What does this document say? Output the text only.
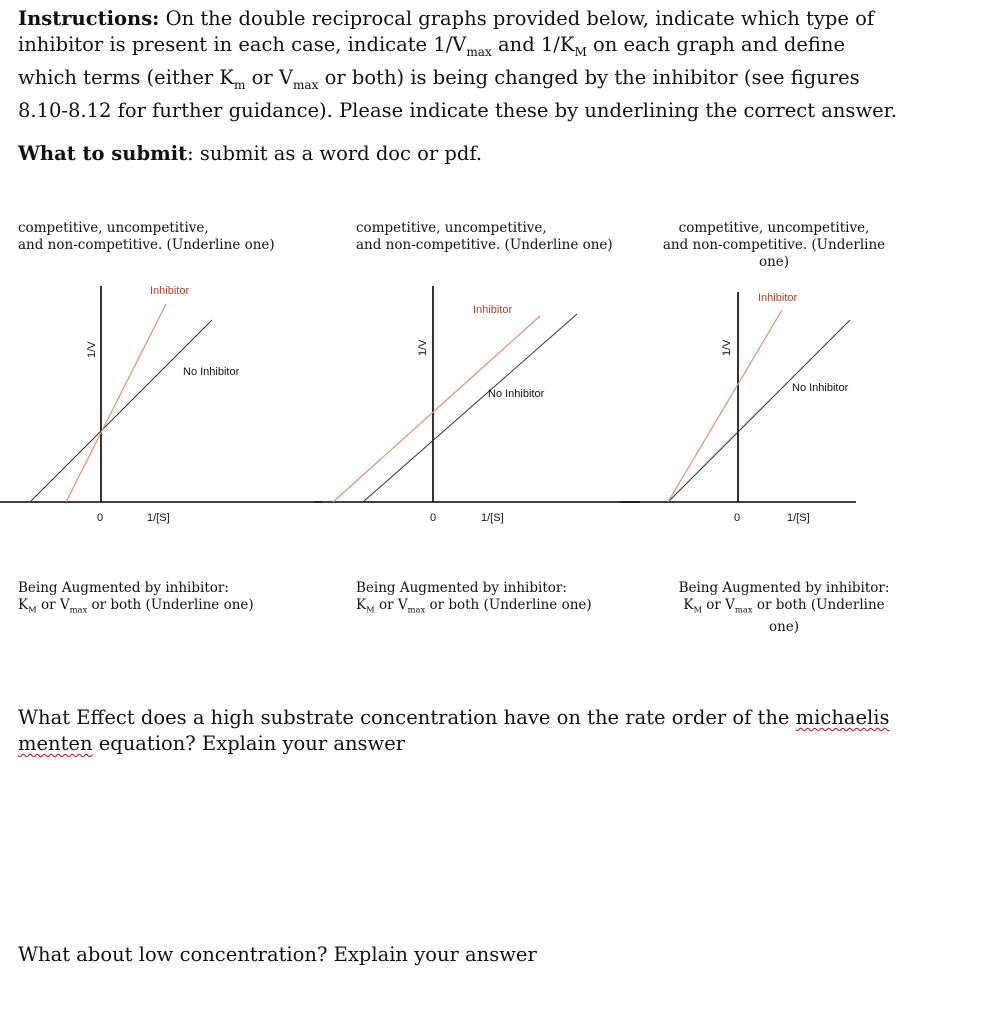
Instructions: On the double reciprocal graphs provided below, indicate which type of inhibitor is present in each case, indicate $1/V_{max}$ and $1/K_M$ on each graph and define which terms (either $K_m$ or $V_{max}$ or both) is being changed by the inhibitor (see figures 8.10-8.12 for further guidance). Please indicate these by underlining the correct answer.
What to submit: submit as a word doc or pdf.
competitive, uncompetitive,
and non-competitive. (Underline one)
competitive, uncompetitive,
and non-competitive. (Underline one)
competitive, uncompetitive,
and non-competitive. (Underline one)
Inhibitor
No Inhibitor
1/V
0	1/[S]
Inhibitor
No Inhibitor
1/V
0	1/[S]
Inhibitor
No Inhibitor
1/V
0	1/[S]
Being Augmented by inhibitor:
$K_M$ or $V_{max}$ or both (Underline one)
Being Augmented by inhibitor:
$K_M$ or $V_{max}$ or both (Underline one)
Being Augmented by inhibitor:
$K_M$ or $V_{max}$ or both (Underline one)
What Effect does a high substrate concentration have on the rate order of the michaelis menten equation? Explain your answer
What about low concentration? Explain your answer
